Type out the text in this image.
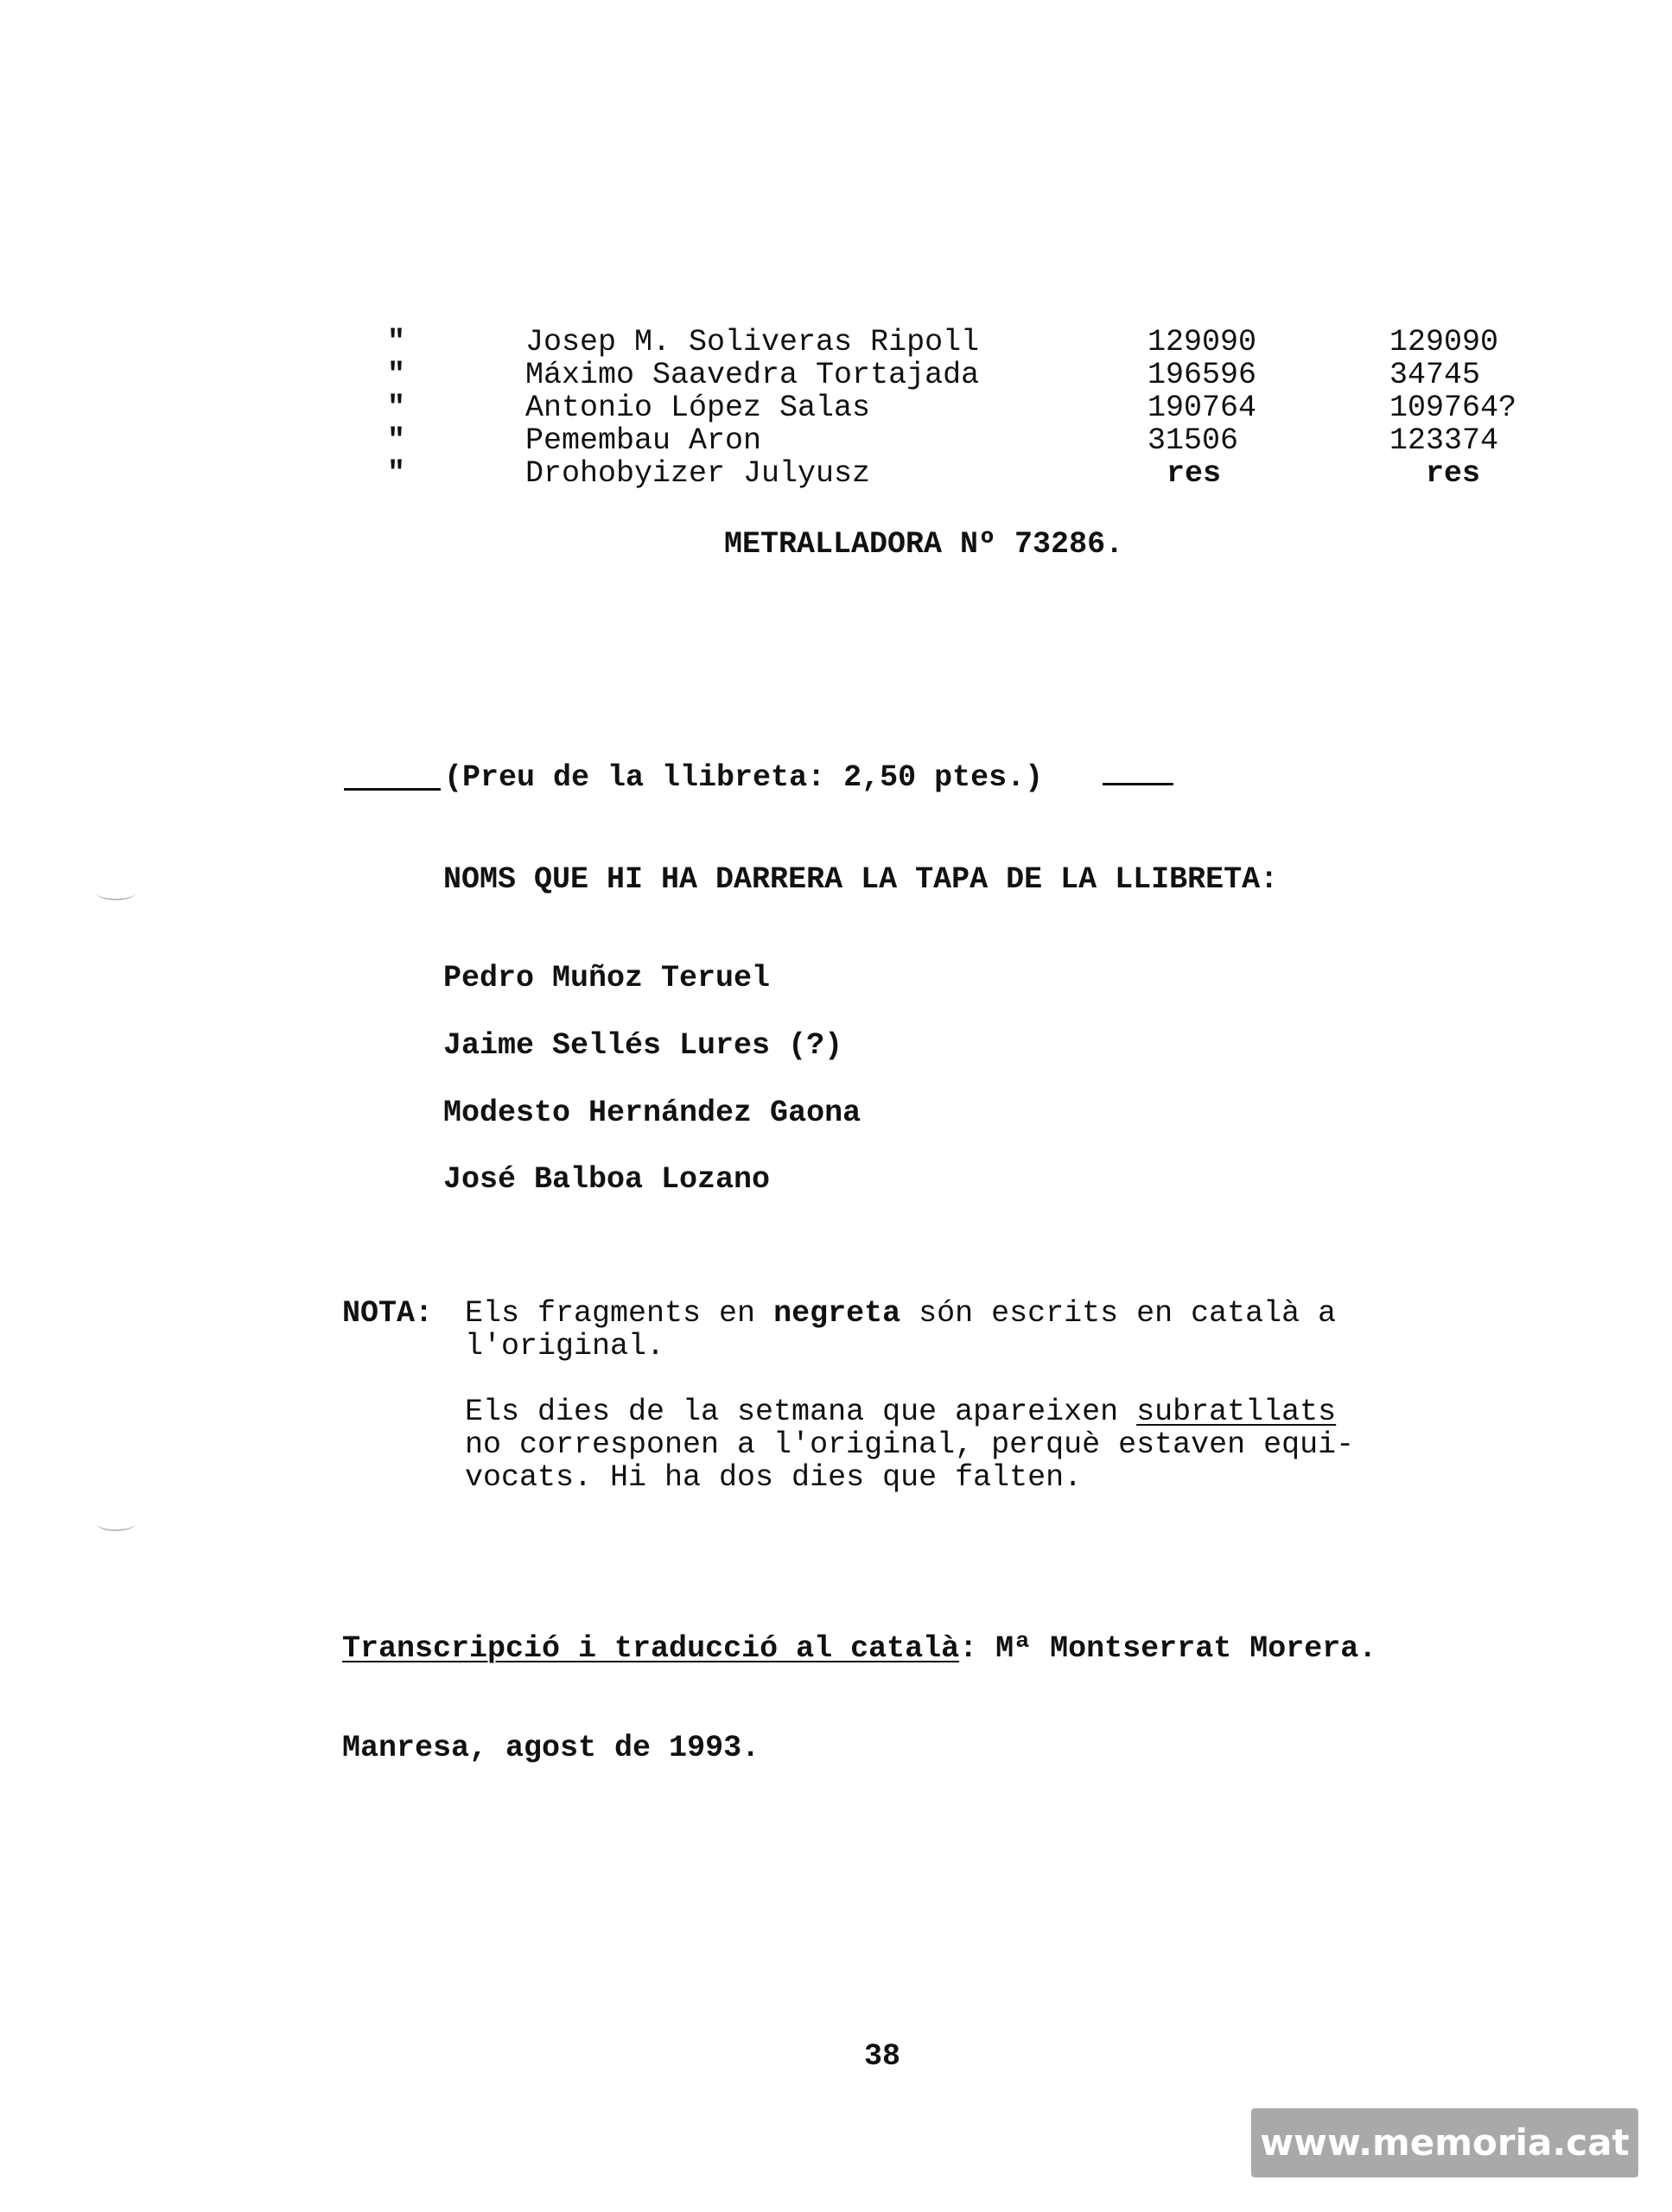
"	Josep M. Soliveras Ripoll	129090	129090
"	Máximo Saavedra Tortajada	196596	34745
"	Antonio López Salas	190764	109764?
"	Pemembau Aron	31506	123374
"	Drohobyizer Julyusz	res	res
METRALLADORA Nº 73286.
(Preu de la llibreta: 2,50 ptes.)
NOMS QUE HI HA DARRERA LA TAPA DE LA LLIBRETA:
Pedro Muñoz Teruel
Jaime Sellés Lures (?)
Modesto Hernández Gaona
José Balboa Lozano
NOTA: Els fragments en negreta són escrits en català a
l'original.
Els dies de la setmana que apareixen subratllats
no corresponen a l'original, perquè estaven equi-
vocats. Hi ha dos dies que falten.
Transcripció i traducció al català: Mª Montserrat Morera.
Manresa, agost de 1993.
38
www.memoria.cat
